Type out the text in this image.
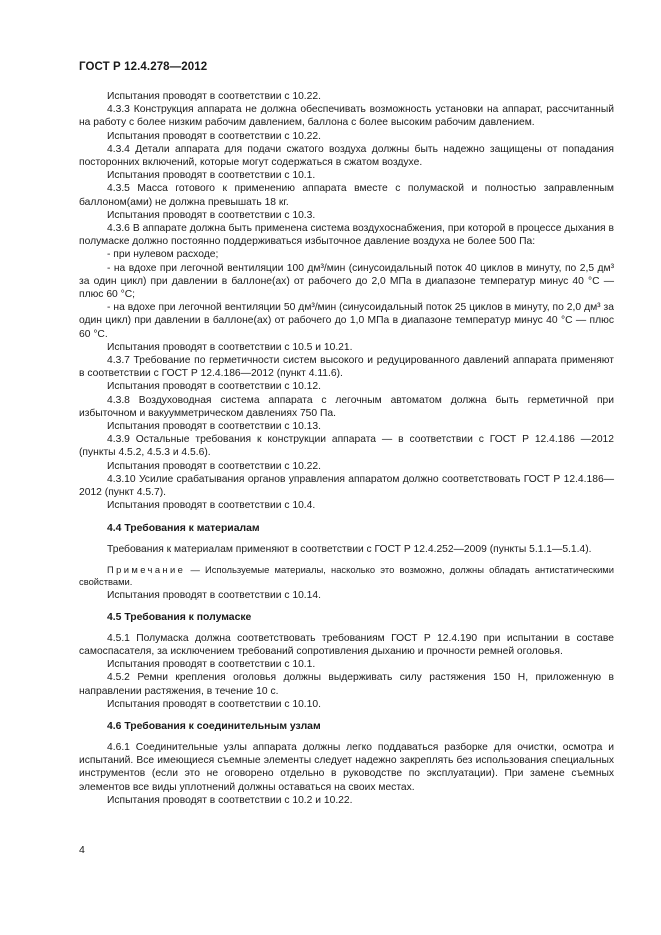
ГОСТ Р 12.4.278—2012

Испытания проводят в соответствии с 10.22.

4.3.3 Конструкция аппарата не должна обеспечивать возможность установки на аппарат, рассчитанный на работу с более низким рабочим давлением, баллона с более высоким рабочим давлением.

Испытания проводят в соответствии с 10.22.

4.3.4 Детали аппарата для подачи сжатого воздуха должны быть надежно защищены от попадания посторонних включений, которые могут содержаться в сжатом воздухе.

Испытания проводят в соответствии с 10.1.

4.3.5 Масса готового к применению аппарата вместе с полумаской и полностью заправленным баллоном(ами) не должна превышать 18 кг.

Испытания проводят в соответствии с 10.3.

4.3.6 В аппарате должна быть применена система воздухоснабжения, при которой в процессе дыхания в полумаске должно постоянно поддерживаться избыточное давление воздуха не более 500 Па:

- при нулевом расходе;

- на вдохе при легочной вентиляции 100 дм³/мин (синусоидальный поток 40 циклов в минуту, по 2,5 дм³ за один цикл) при давлении в баллоне(ах) от рабочего до 2,0 МПа в диапазоне температур минус 40 °С — плюс 60 °С;

- на вдохе при легочной вентиляции 50 дм³/мин (синусоидальный поток 25 циклов в минуту, по 2,0 дм³ за один цикл) при давлении в баллоне(ах) от рабочего до 1,0 МПа в диапазоне температур минус 40 °С — плюс 60 °С.

Испытания проводят в соответствии с 10.5 и 10.21.

4.3.7 Требование по герметичности систем высокого и редуцированного давлений аппарата применяют в соответствии с ГОСТ Р 12.4.186—2012 (пункт 4.11.6).

Испытания проводят в соответствии с 10.12.

4.3.8 Воздуховодная система аппарата с легочным автоматом должна быть герметичной при избыточном и вакуумметрическом давлениях 750 Па.

Испытания проводят в соответствии с 10.13.

4.3.9 Остальные требования к конструкции аппарата — в соответствии с ГОСТ Р 12.4.186 —2012 (пункты 4.5.2, 4.5.3 и 4.5.6).

Испытания проводят в соответствии с 10.22.

4.3.10 Усилие срабатывания органов управления аппаратом должно соответствовать ГОСТ Р 12.4.186—2012 (пункт 4.5.7).

Испытания проводят в соответствии с 10.4.

4.4 Требования к материалам

Требования к материалам применяют в соответствии с ГОСТ Р 12.4.252—2009 (пункты 5.1.1—5.1.4).

Примечание — Используемые материалы, насколько это возможно, должны обладать антистатическими свойствами.

Испытания проводят в соответствии с 10.14.

4.5 Требования к полумаске

4.5.1 Полумаска должна соответствовать требованиям ГОСТ Р 12.4.190 при испытании в составе самоспасателя, за исключением требований сопротивления дыханию и прочности ремней оголовья.

Испытания проводят в соответствии с 10.1.

4.5.2 Ремни крепления оголовья должны выдерживать силу растяжения 150 Н, приложенную в направлении растяжения, в течение 10 с.

Испытания проводят в соответствии с 10.10.

4.6 Требования к соединительным узлам

4.6.1 Соединительные узлы аппарата должны легко поддаваться разборке для очистки, осмотра и испытаний. Все имеющиеся съемные элементы следует надежно закреплять без использования специальных инструментов (если это не оговорено отдельно в руководстве по эксплуатации). При замене съемных элементов все виды уплотнений должны оставаться на своих местах.

Испытания проводят в соответствии с 10.2 и 10.22.

4
